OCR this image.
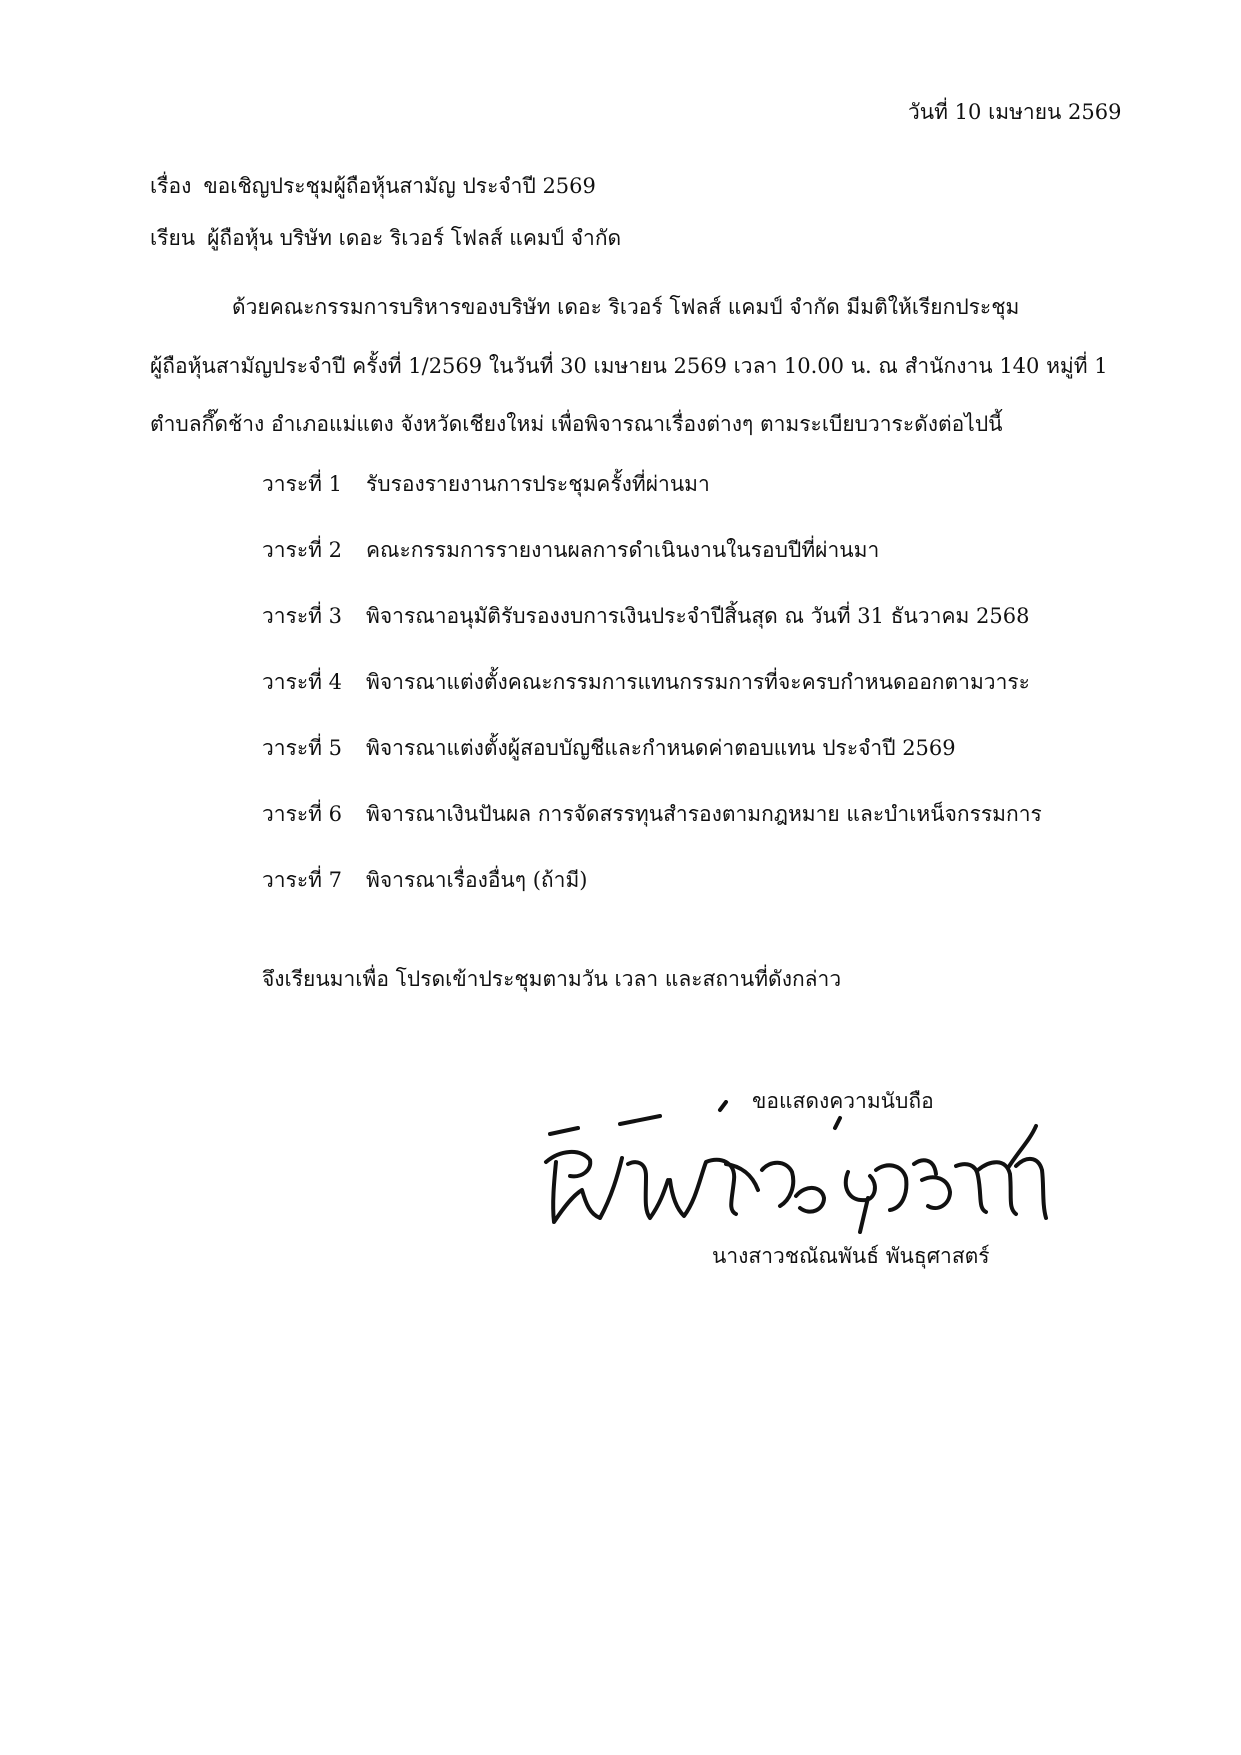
วันที่ 10 เมษายน 2569
เรื่อง ขอเชิญประชุมผู้ถือหุ้นสามัญ ประจำปี 2569
เรียน ผู้ถือหุ้น บริษัท เดอะ ริเวอร์ โฟลส์ แคมป์ จำกัด
ด้วยคณะกรรมการบริหารของบริษัท เดอะ ริเวอร์ โฟลส์ แคมป์ จำกัด มีมติให้เรียกประชุม
ผู้ถือหุ้นสามัญประจำปี ครั้งที่ 1/2569 ในวันที่ 30 เมษายน 2569 เวลา 10.00 น. ณ สำนักงาน 140 หมู่ที่ 1
ตำบลกึ๊ดช้าง อำเภอแม่แตง จังหวัดเชียงใหม่ เพื่อพิจารณาเรื่องต่างๆ ตามระเบียบวาระดังต่อไปนี้
วาระที่ 1 รับรองรายงานการประชุมครั้งที่ผ่านมา
วาระที่ 2 คณะกรรมการรายงานผลการดำเนินงานในรอบปีที่ผ่านมา
วาระที่ 3 พิจารณาอนุมัติรับรองงบการเงินประจำปีสิ้นสุด ณ วันที่ 31 ธันวาคม 2568
วาระที่ 4 พิจารณาแต่งตั้งคณะกรรมการแทนกรรมการที่จะครบกำหนดออกตามวาระ
วาระที่ 5 พิจารณาแต่งตั้งผู้สอบบัญชีและกำหนดค่าตอบแทน ประจำปี 2569
วาระที่ 6 พิจารณาเงินปันผล การจัดสรรทุนสำรองตามกฎหมาย และบำเหน็จกรรมการ
วาระที่ 7 พิจารณาเรื่องอื่นๆ (ถ้ามี)
จึงเรียนมาเพื่อ โปรดเข้าประชุมตามวัน เวลา และสถานที่ดังกล่าว
ขอแสดงความนับถือ
นางสาวชณัณพันธ์ พันธุศาสตร์
